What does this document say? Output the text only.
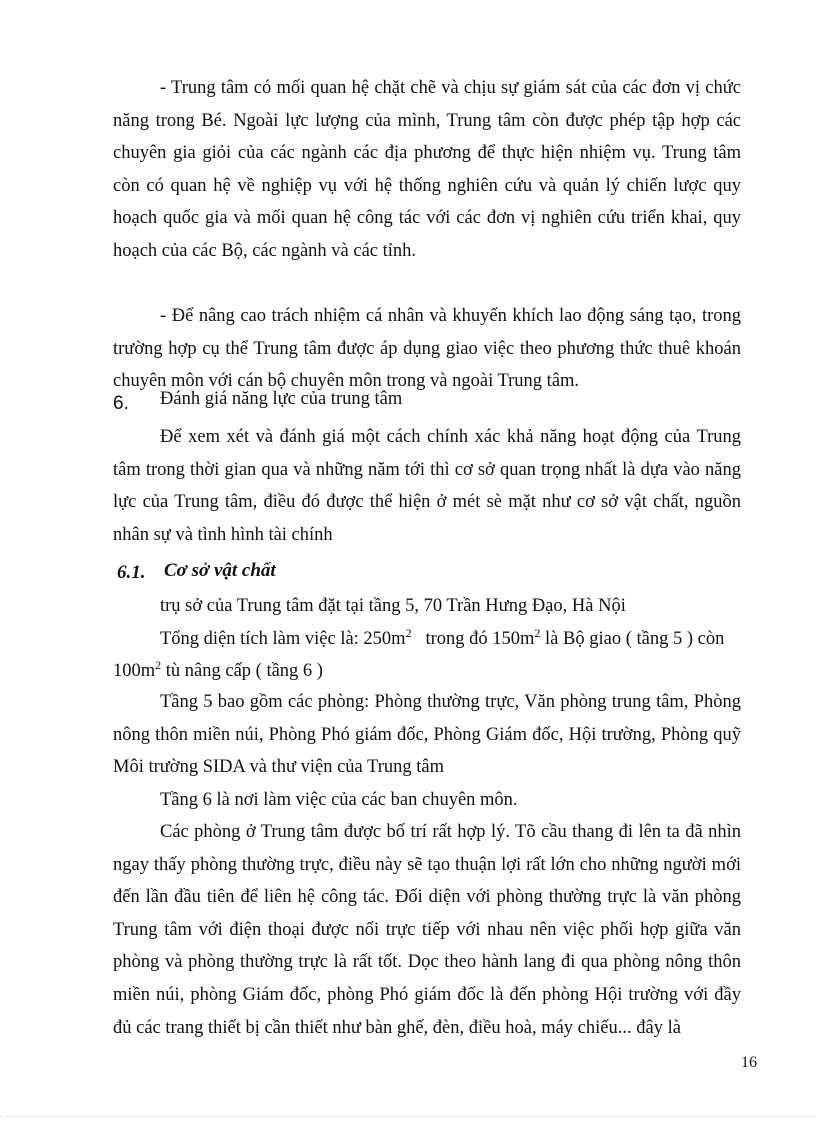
- Trung tâm có mối quan hệ chặt chẽ và chịu sự giám sát của các đơn vị chức năng trong Bé. Ngoài lực lượng của mình, Trung tâm còn được phép tập hợp các chuyên gia giỏi của các ngành các địa phương để thực hiện nhiệm vụ. Trung tâm còn có quan hệ về nghiệp vụ với hệ thống nghiên cứu và quản lý chiến lược quy hoạch quốc gia và mối quan hệ công tác với các đơn vị nghiên cứu triển khai, quy hoạch của các Bộ, các ngành và các tỉnh.

- Để nâng cao trách nhiệm cá nhân và khuyến khích lao động sáng tạo, trong trường hợp cụ thể Trung tâm được áp dụng giao việc theo phương thức thuê khoán chuyên môn với cán bộ chuyên môn trong và ngoài Trung tâm.

6. Đánh giá năng lực của trung tâm

Để xem xét và đánh giá một cách chính xác khả năng hoạt động của Trung tâm trong thời gian qua và những năm tới thì cơ sở quan trọng nhất là dựa vào năng lực của Trung tâm, điều đó được thể hiện ở mét sè mặt như cơ sở vật chất, nguồn nhân sự và tình hình tài chính

6.1. Cơ sở vật chất

trụ sở của Trung tâm đặt tại tầng 5, 70 Trần Hưng Đạo, Hà Nội

Tổng diện tích làm việc là: $250m^2$ trong đó $150m^2$ là Bộ giao ( tầng 5 ) còn
$100m^2$ tù nâng cấp ( tầng 6 )

Tầng 5 bao gồm các phòng: Phòng thường trực, Văn phòng trung tâm, Phòng nông thôn miền núi, Phòng Phó giám đốc, Phòng Giám đốc, Hội trường, Phòng quỹ Môi trường SIDA và thư viện của Trung tâm

Tầng 6 là nơi làm việc của các ban chuyên môn.

Các phòng ở Trung tâm được bố trí rất hợp lý. Tõ cầu thang đi lên ta đã nhìn ngay thấy phòng thường trực, điều này sẽ tạo thuận lợi rất lớn cho những người mới đến lần đầu tiên để liên hệ công tác. Đối diện với phòng thường trực là văn phòng Trung tâm với điện thoại được nối trực tiếp với nhau nên việc phối hợp giữa văn phòng và phòng thường trực là rất tốt. Dọc theo hành lang đi qua phòng nông thôn miền núi, phòng Giám đốc, phòng Phó giám đốc là đến phòng Hội trường với đầy đủ các trang thiết bị cần thiết như bàn ghế, đèn, điều hoà, máy chiếu... đây là

16
